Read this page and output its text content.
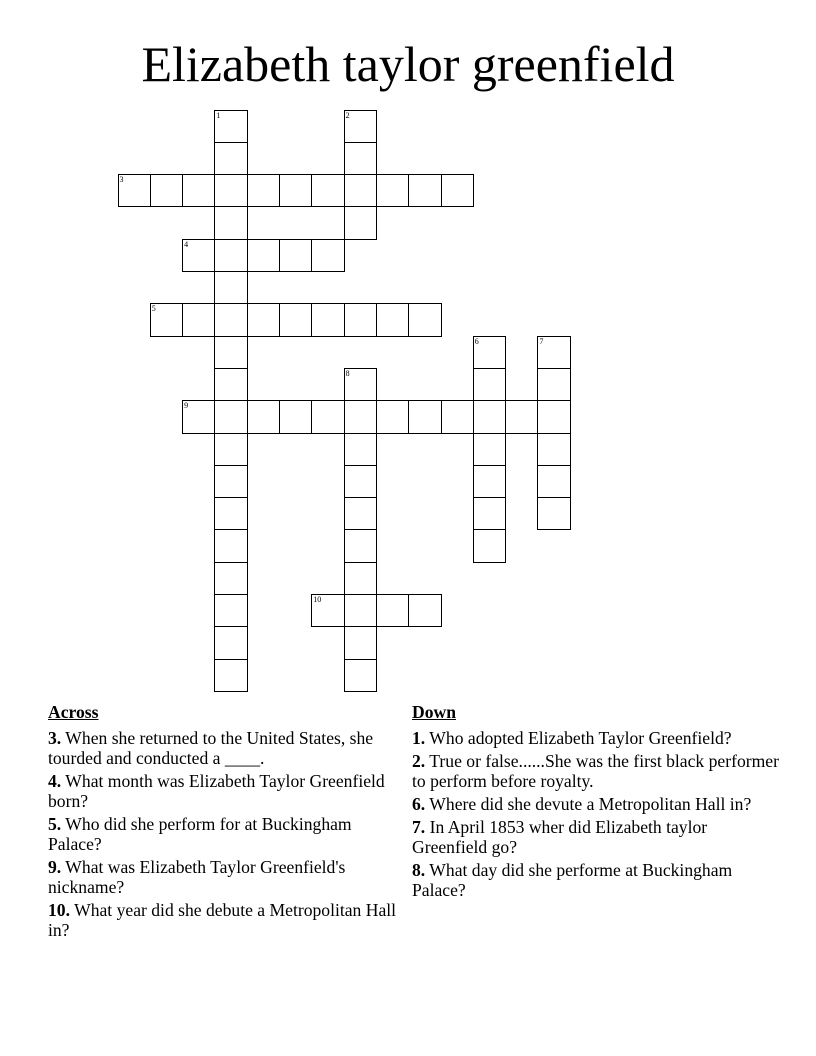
Elizabeth taylor greenfield
1	2
3
4
5
6	7
8
9
10
Across
3. When she returned to the United States, she tourded and conducted a ____.
4. What month was Elizabeth Taylor Greenfield born?
5. Who did she perform for at Buckingham Palace?
9. What was Elizabeth Taylor Greenfield's nickname?
10. What year did she debute a Metropolitan Hall in?
Down
1. Who adopted Elizabeth Taylor Greenfield?
2. True or false......She was the first black performer to perform before royalty.
6. Where did she devute a Metropolitan Hall in?
7. In April 1853 wher did Elizabeth taylor Greenfield go?
8. What day did she performe at Buckingham Palace?
